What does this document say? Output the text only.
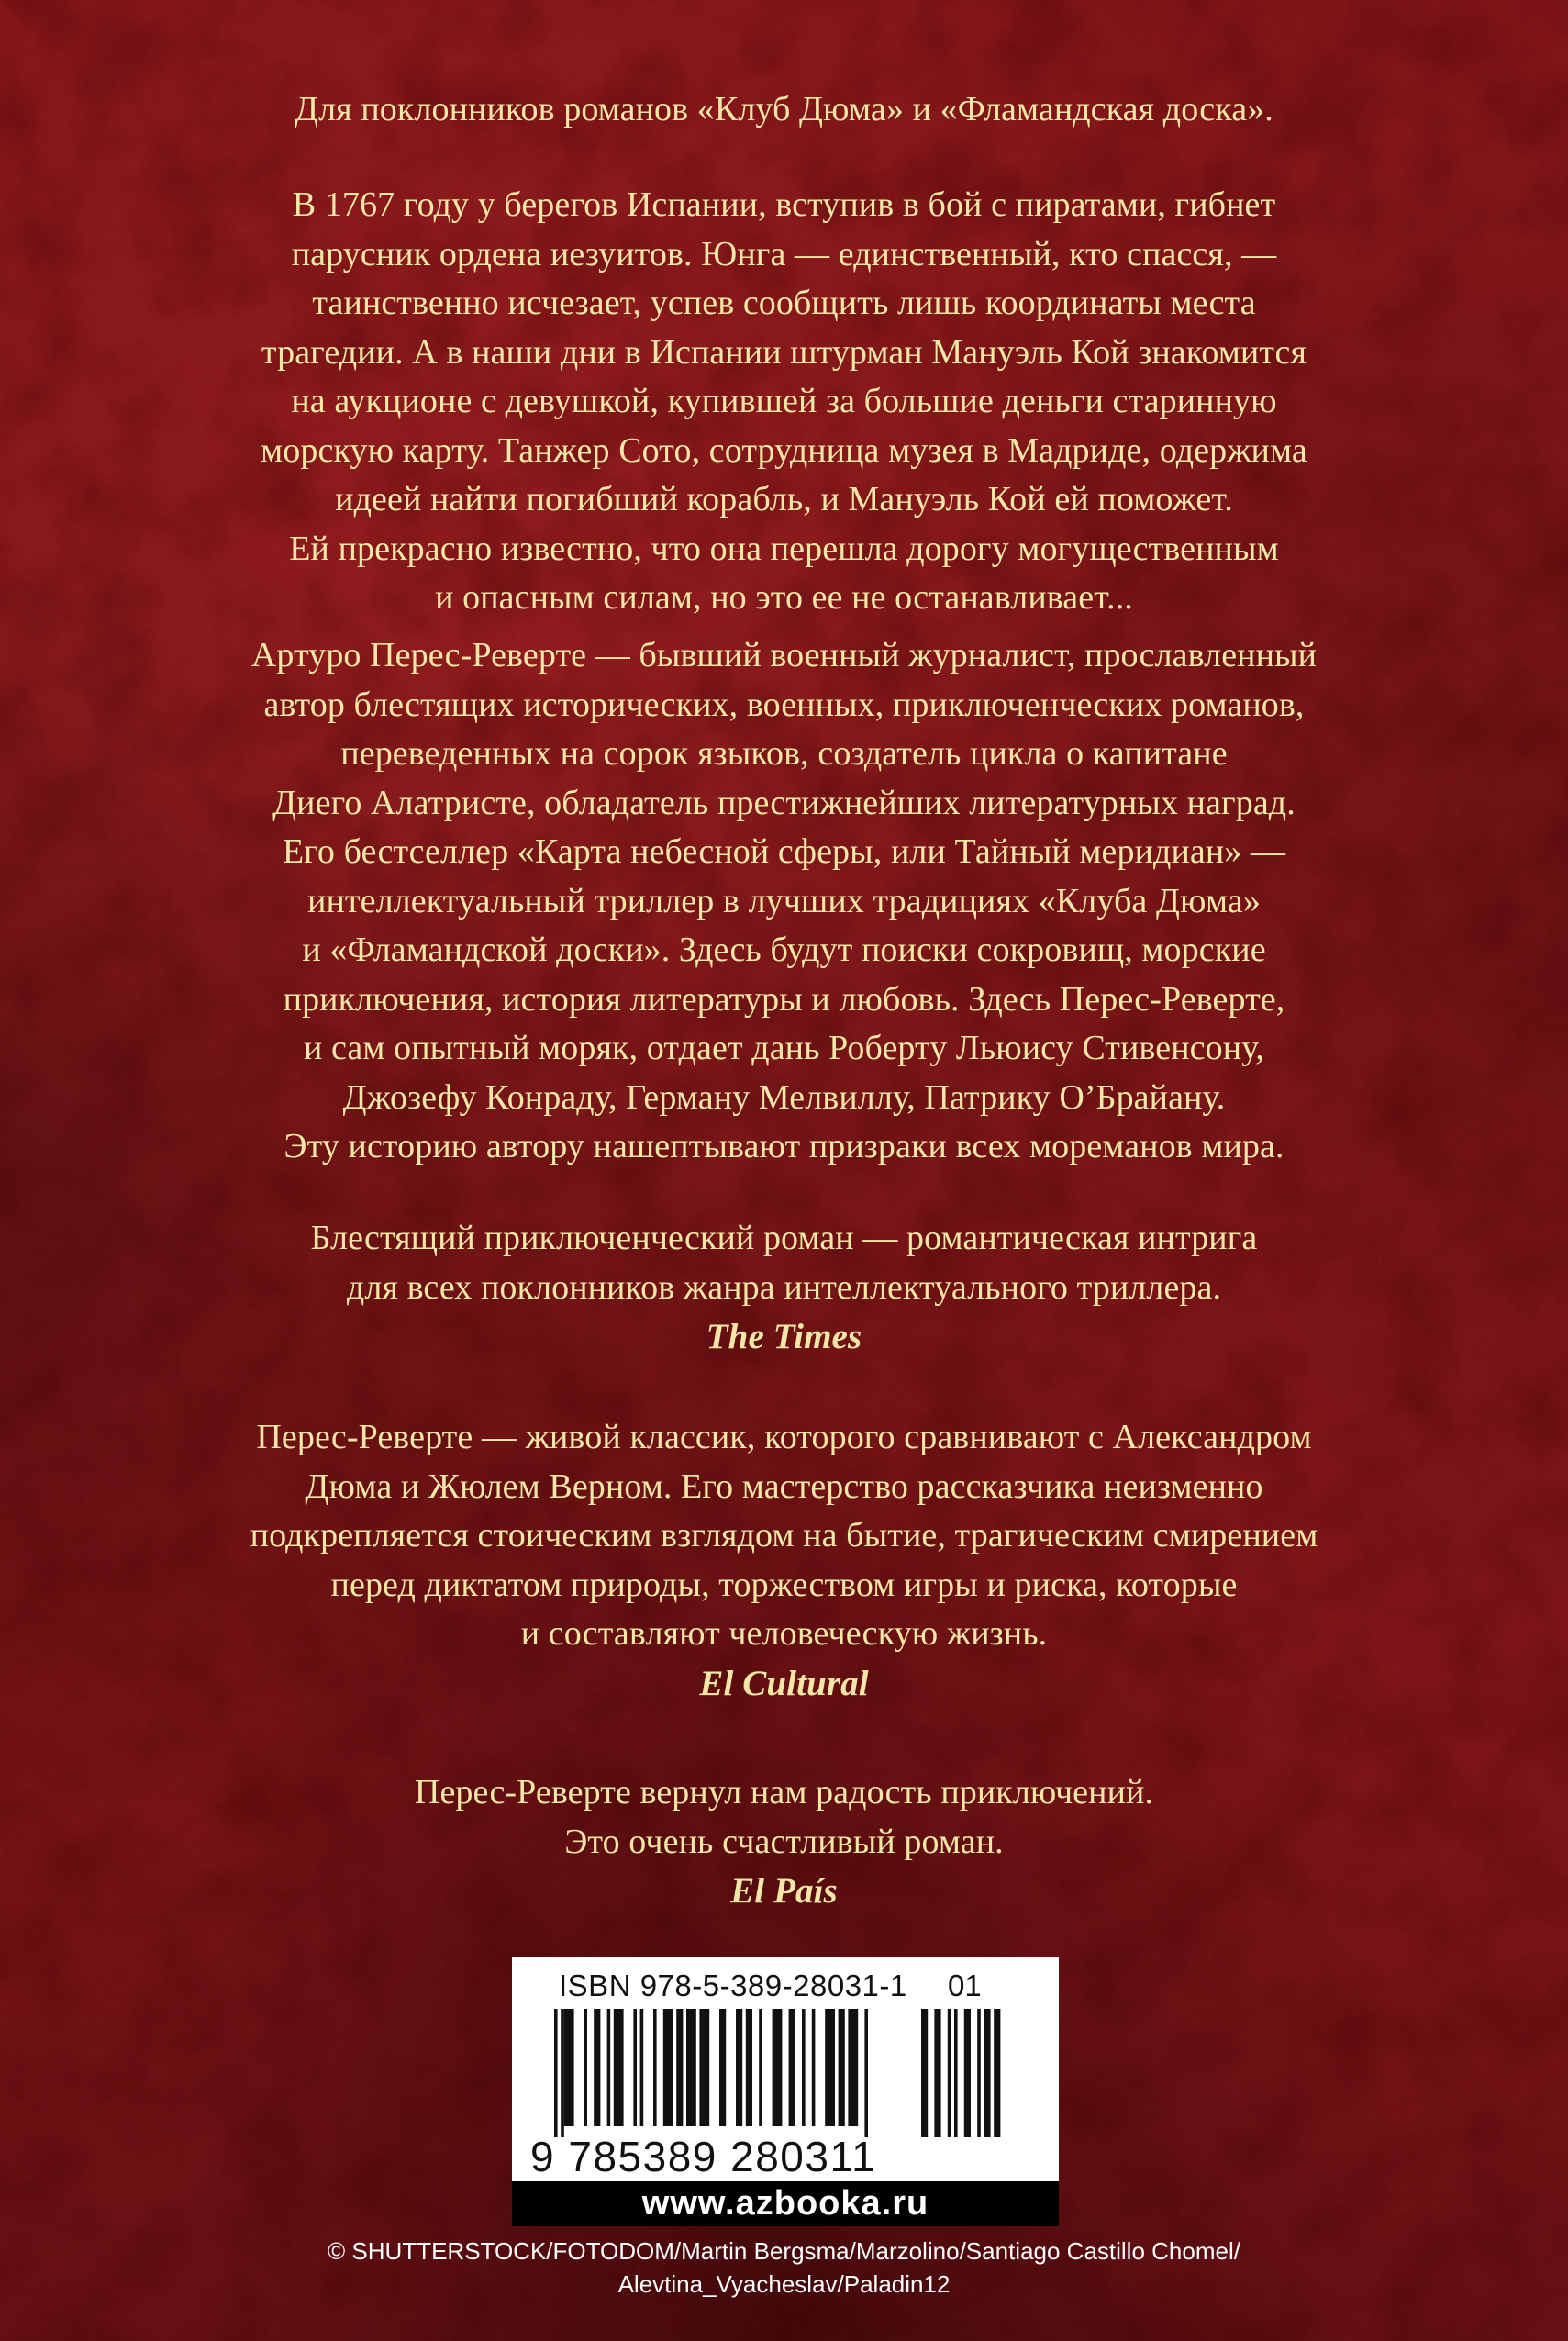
Для поклонников романов «Клуб Дюма» и «Фламандская доска».

В 1767 году у берегов Испании, вступив в бой с пиратами, гибнет

парусник ордена иезуитов. Юнга — единственный, кто спасся, —

таинственно исчезает, успев сообщить лишь координаты места

трагедии. А в наши дни в Испании штурман Мануэль Кой знакомится

на аукционе с девушкой, купившей за большие деньги старинную

морскую карту. Танжер Сото, сотрудница музея в Мадриде, одержима

идеей найти погибший корабль, и Мануэль Кой ей поможет.

Ей прекрасно известно, что она перешла дорогу могущественным

и опасным силам, но это ее не останавливает...

Артуро Перес-Реверте — бывший военный журналист, прославленный

автор блестящих исторических, военных, приключенческих романов,

переведенных на сорок языков, создатель цикла о капитане

Диего Алатристе, обладатель престижнейших литературных наград.

Его бестселлер «Карта небесной сферы, или Тайный меридиан» —

интеллектуальный триллер в лучших традициях «Клуба Дюма»

и «Фламандской доски». Здесь будут поиски сокровищ, морские

приключения, история литературы и любовь. Здесь Перес-Реверте,

и сам опытный моряк, отдает дань Роберту Льюису Стивенсону,

Джозефу Конраду, Герману Мелвиллу, Патрику О’Брайану.

Эту историю автору нашептывают призраки всех мореманов мира.

Блестящий приключенческий роман — романтическая интрига

для всех поклонников жанра интеллектуального триллера.

The Times

Перес-Реверте — живой классик, которого сравнивают с Александром

Дюма и Жюлем Верном. Его мастерство рассказчика неизменно

подкрепляется стоическим взглядом на бытие, трагическим смирением

перед диктатом природы, торжеством игры и риска, которые

и составляют человеческую жизнь.

El Cultural

Перес-Реверте вернул нам радость приключений.

Это очень счастливый роман.

El País

ISBN 978-5-389-28031-1 01
9 785389 280311
www.azbooka.ru

© SHUTTERSTOCK/FOTODOM/Martin Bergsma/Marzolino/Santiago Castillo Chomel/

Alevtina_Vyacheslav/Paladin12
